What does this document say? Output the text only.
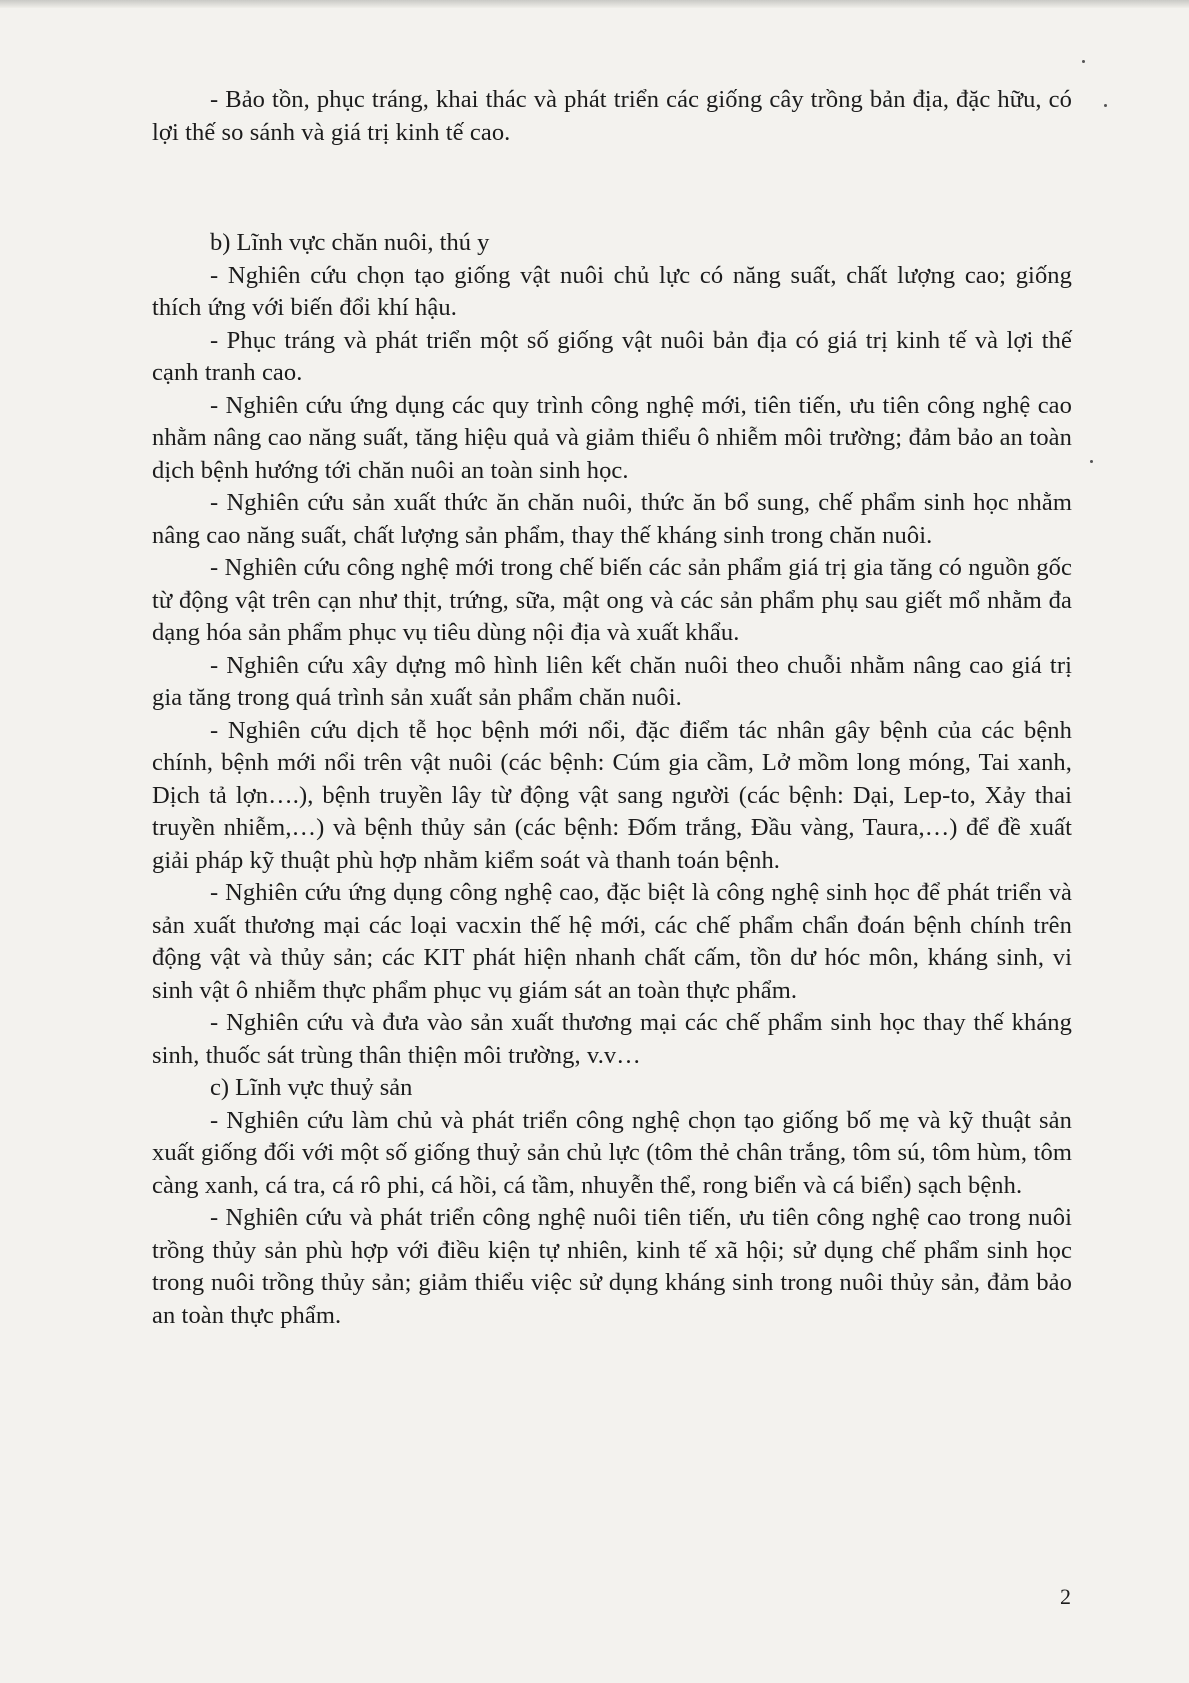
- Bảo tồn, phục tráng, khai thác và phát triển các giống cây trồng bản địa, đặc hữu, có lợi thế so sánh và giá trị kinh tế cao.

b) Lĩnh vực chăn nuôi, thú y

- Nghiên cứu chọn tạo giống vật nuôi chủ lực có năng suất, chất lượng cao; giống thích ứng với biến đổi khí hậu.

- Phục tráng và phát triển một số giống vật nuôi bản địa có giá trị kinh tế và lợi thế cạnh tranh cao.

- Nghiên cứu ứng dụng các quy trình công nghệ mới, tiên tiến, ưu tiên công nghệ cao nhằm nâng cao năng suất, tăng hiệu quả và giảm thiểu ô nhiễm môi trường; đảm bảo an toàn dịch bệnh hướng tới chăn nuôi an toàn sinh học.

- Nghiên cứu sản xuất thức ăn chăn nuôi, thức ăn bổ sung, chế phẩm sinh học nhằm nâng cao năng suất, chất lượng sản phẩm, thay thế kháng sinh trong chăn nuôi.

- Nghiên cứu công nghệ mới trong chế biến các sản phẩm giá trị gia tăng có nguồn gốc từ động vật trên cạn như thịt, trứng, sữa, mật ong và các sản phẩm phụ sau giết mổ nhằm đa dạng hóa sản phẩm phục vụ tiêu dùng nội địa và xuất khẩu.

- Nghiên cứu xây dựng mô hình liên kết chăn nuôi theo chuỗi nhằm nâng cao giá trị gia tăng trong quá trình sản xuất sản phẩm chăn nuôi.

- Nghiên cứu dịch tễ học bệnh mới nổi, đặc điểm tác nhân gây bệnh của các bệnh chính, bệnh mới nổi trên vật nuôi (các bệnh: Cúm gia cầm, Lở mồm long móng, Tai xanh, Dịch tả lợn….), bệnh truyền lây từ động vật sang người (các bệnh: Dại, Lep-to, Xảy thai truyền nhiễm,…) và bệnh thủy sản (các bệnh: Đốm trắng, Đầu vàng, Taura,…) để đề xuất giải pháp kỹ thuật phù hợp nhằm kiểm soát và thanh toán bệnh.

- Nghiên cứu ứng dụng công nghệ cao, đặc biệt là công nghệ sinh học để phát triển và sản xuất thương mại các loại vacxin thế hệ mới, các chế phẩm chẩn đoán bệnh chính trên động vật và thủy sản; các KIT phát hiện nhanh chất cấm, tồn dư hóc môn, kháng sinh, vi sinh vật ô nhiễm thực phẩm phục vụ giám sát an toàn thực phẩm.

- Nghiên cứu và đưa vào sản xuất thương mại các chế phẩm sinh học thay thế kháng sinh, thuốc sát trùng thân thiện môi trường, v.v…

c) Lĩnh vực thuỷ sản

- Nghiên cứu làm chủ và phát triển công nghệ chọn tạo giống bố mẹ và kỹ thuật sản xuất giống đối với một số giống thuỷ sản chủ lực (tôm thẻ chân trắng, tôm sú, tôm hùm, tôm càng xanh, cá tra, cá rô phi, cá hồi, cá tầm, nhuyễn thể, rong biển và cá biển) sạch bệnh.

- Nghiên cứu và phát triển công nghệ nuôi tiên tiến, ưu tiên công nghệ cao trong nuôi trồng thủy sản phù hợp với điều kiện tự nhiên, kinh tế xã hội; sử dụng chế phẩm sinh học trong nuôi trồng thủy sản; giảm thiểu việc sử dụng kháng sinh trong nuôi thủy sản, đảm bảo an toàn thực phẩm.

2
